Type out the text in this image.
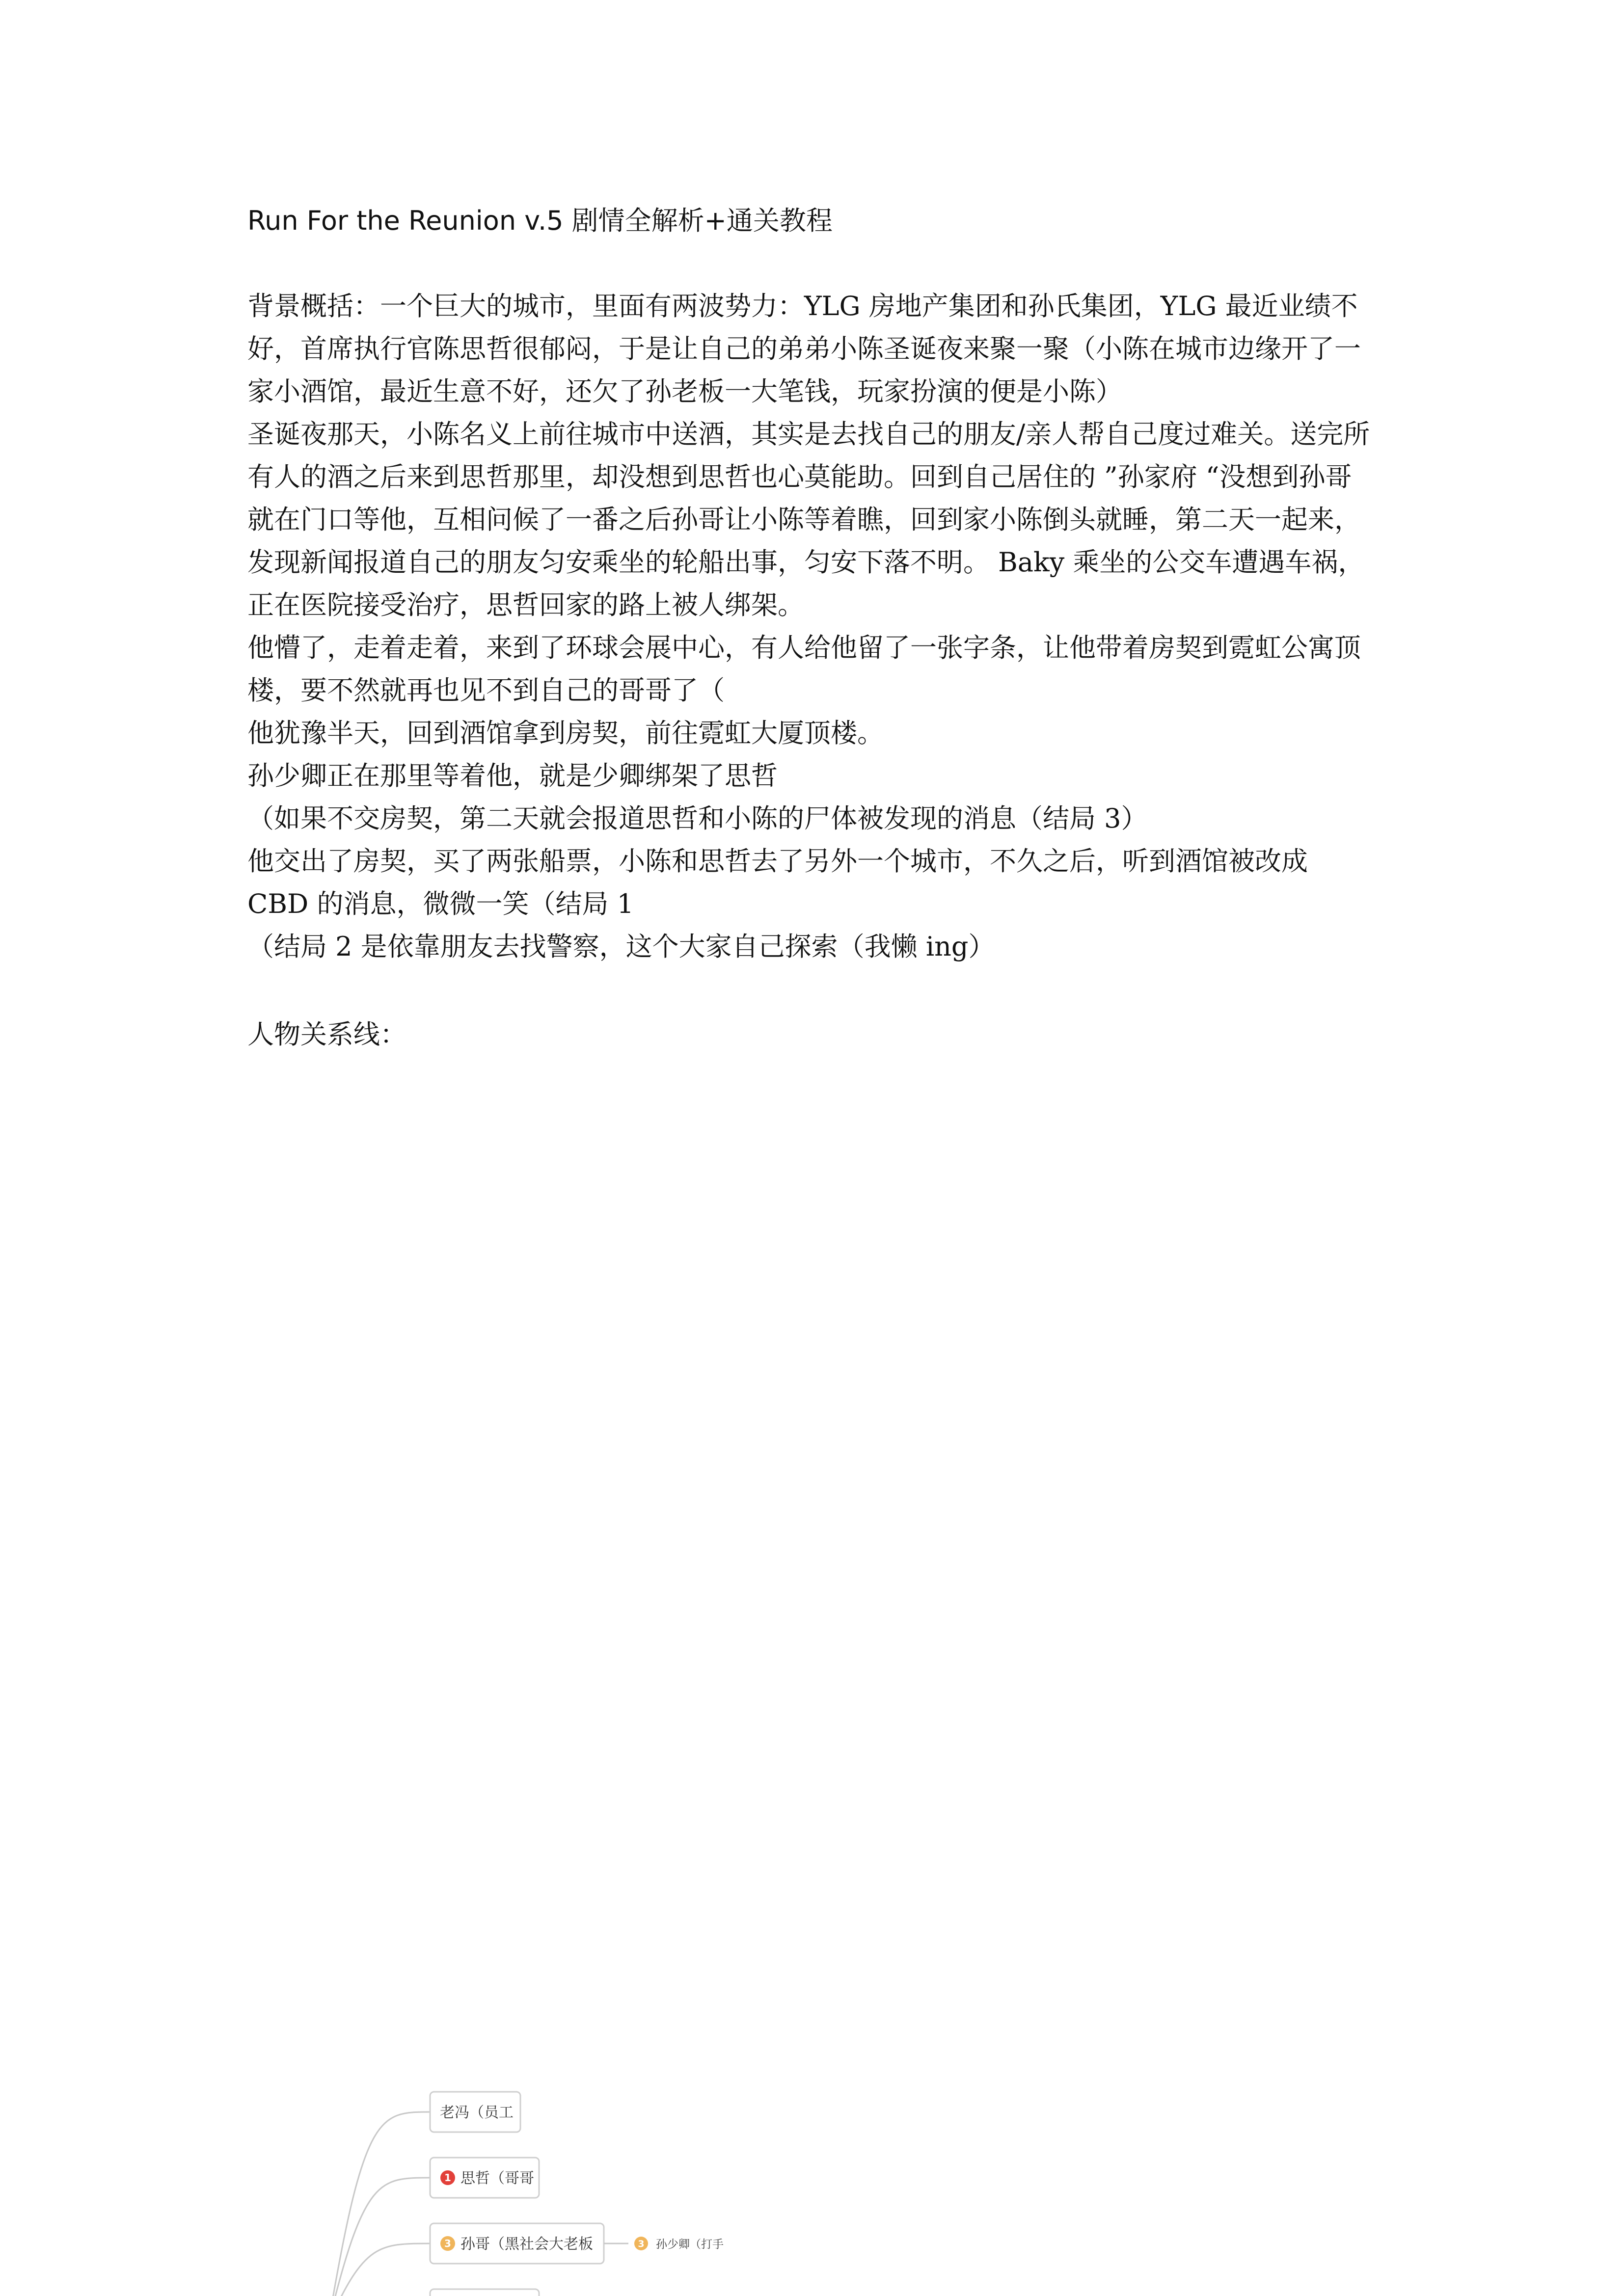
Run For the Reunion v.5 剧情全解析+通关教程

背景概括：一个巨大的城市，里面有两波势力：YLG 房地产集团和孙氏集团，YLG 最近业绩不好，首席执行官陈思哲很郁闷，于是让自己的弟弟小陈圣诞夜来聚一聚（小陈在城市边缘开了一家小酒馆，最近生意不好，还欠了孙老板一大笔钱，玩家扮演的便是小陈）

圣诞夜那天，小陈名义上前往城市中送酒，其实是去找自己的朋友/亲人帮自己度过难关。送完所有人的酒之后来到思哲那里，却没想到思哲也心莫能助。回到自己居住的 ”孙家府 “没想到孙哥就在门口等他，互相问候了一番之后孙哥让小陈等着瞧，回到家小陈倒头就睡，第二天一起来，发现新闻报道自己的朋友匀安乘坐的轮船出事，匀安下落不明。 Baky 乘坐的公交车遭遇车祸，正在医院接受治疗，思哲回家的路上被人绑架。

他懵了，走着走着，来到了环球会展中心，有人给他留了一张字条，让他带着房契到霓虹公寓顶楼，要不然就再也见不到自己的哥哥了（

他犹豫半天，回到酒馆拿到房契，前往霓虹大厦顶楼。

孙少卿正在那里等着他，就是少卿绑架了思哲

（如果不交房契，第二天就会报道思哲和小陈的尸体被发现的消息（结局 3）

他交出了房契，买了两张船票，小陈和思哲去了另外一个城市，不久之后，听到酒馆被改成 CBD 的消息，微微一笑（结局 1

（结局 2 是依靠朋友去找警察，这个大家自己探索（我懒 ing）

人物关系线：
老冯（员工
1 思哲（哥哥
3 孙哥（黑社会大老板	3 孙少卿（打手
